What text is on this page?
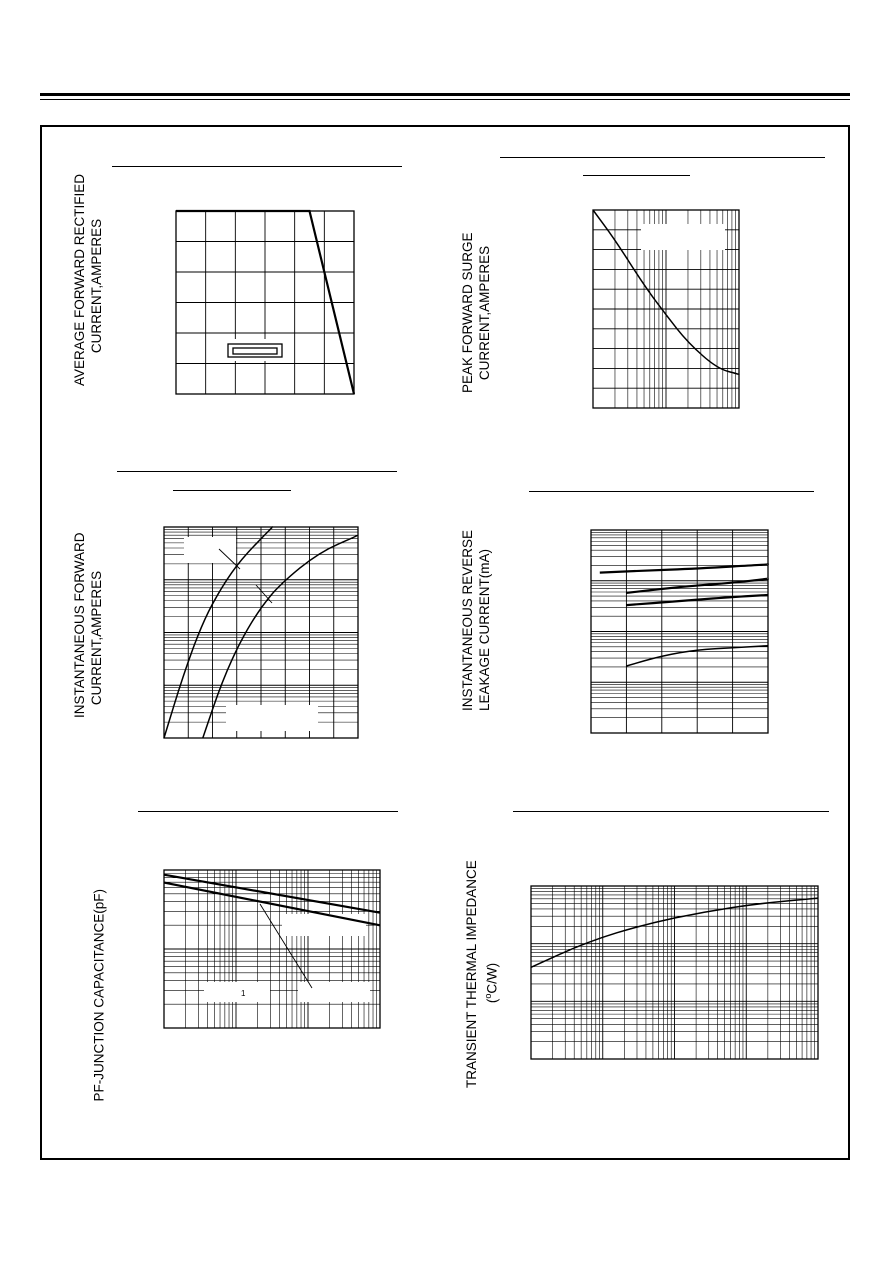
AVERAGE FORWARD RECTIFIED CURRENT,AMPERES	PEAK FORWARD SURGE CURRENT,AMPERES
INSTANTANEOUS FORWARD CURRENT,AMPERES	INSTANTANEOUS REVERSE LEAKAGE CURRENT(mA)
PF-JUNCTION CAPACITANCE(pF)	TRANSIENT THERMAL IMPEDANCE ($^o$C/W)
1
